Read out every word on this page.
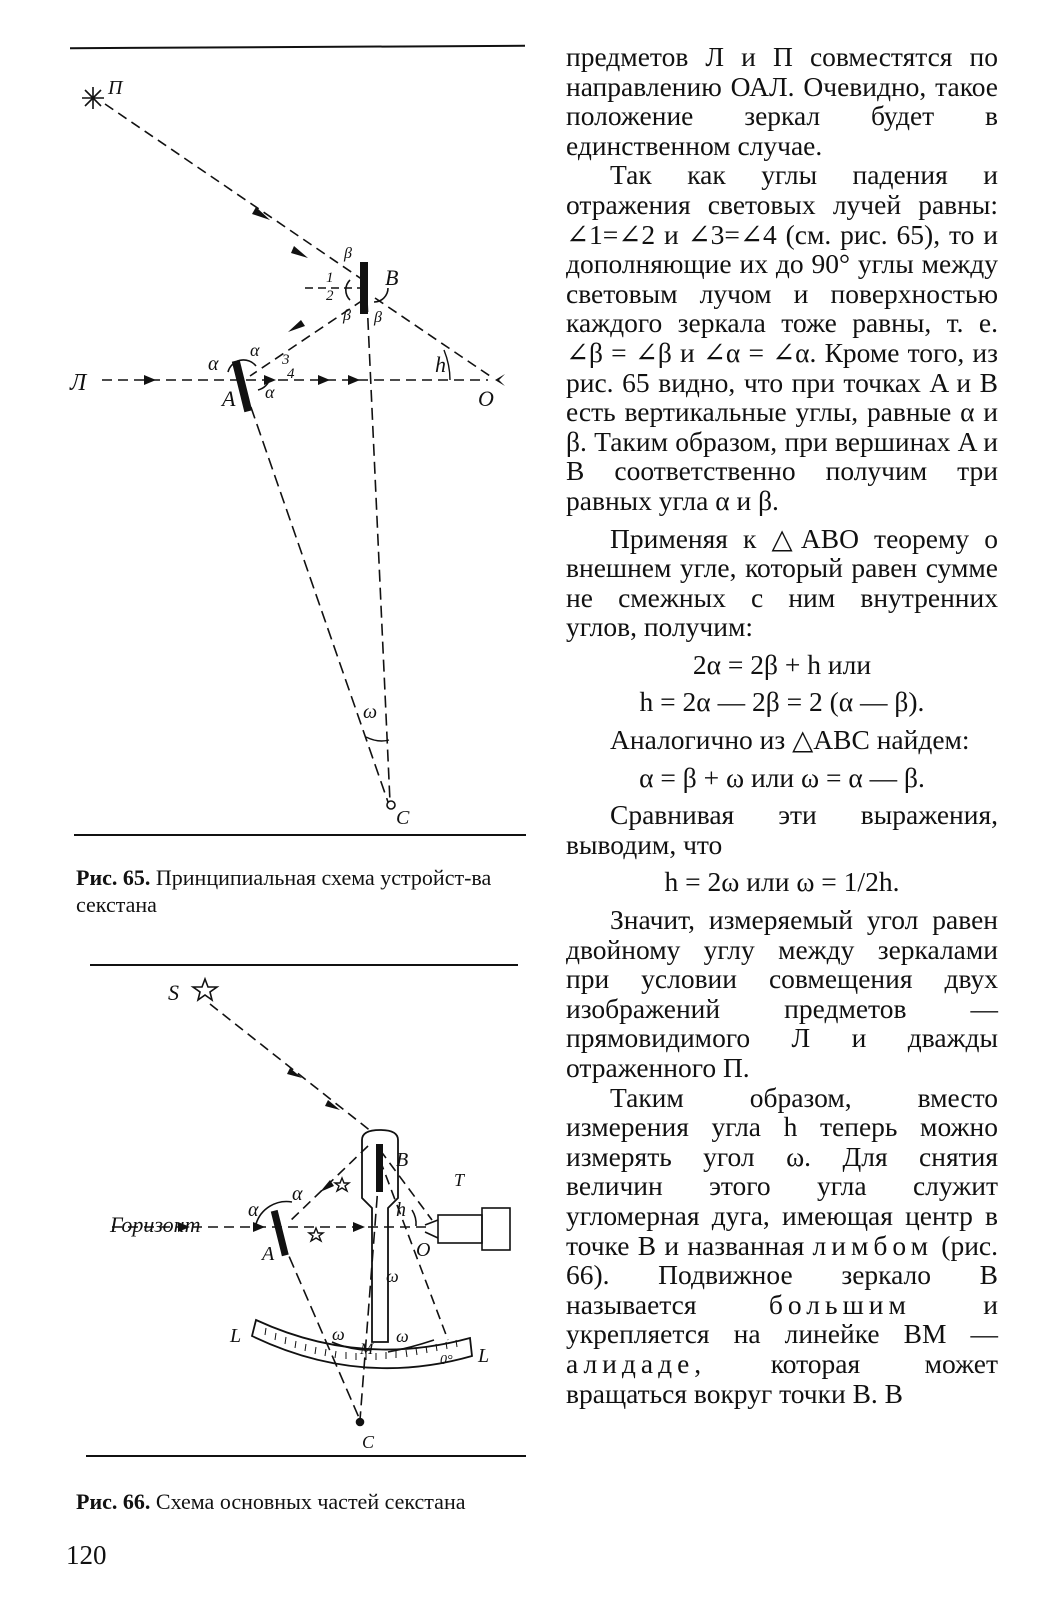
П
Л
A
B
O
C
h
ω
β
β β
1
2
3
4
α
α
α
Рис. 65. Принципиальная схема устройст-ва секстана
S
Горизонт
A
B
O
C
M
Т
L
L
0°
h
ω
ω	ω
α
α
Рис. 66. Схема основных частей секстана
120

предметов Л и П совместятся по направлению ОАЛ. Очевидно, такое положение зеркал будет в единственном случае.

Так как углы падения и отражения световых лучей равны: ∠1=∠2 и ∠3=∠4 (см. рис. 65), то и дополняющие их до 90° углы между световым лучом и поверхностью каждого зеркала тоже равны, т. е. ∠β = ∠β и ∠α = ∠α. Кроме того, из рис. 65 видно, что при точках A и B есть вертикальные углы, равные α и β. Таким образом, при вершинах A и B соответственно получим три равных угла α и β.

Применяя к △ABO теорему о внешнем угле, который равен сумме не смежных с ним внутренних углов, получим:

2α = 2β + h или
h = 2α — 2β = 2 (α — β).

Аналогично из △ABC найдем:

α = β + ω или ω = α — β.

Сравнивая эти выражения, выводим, что

h = 2ω или ω = 1/2h.

Значит, измеряемый угол равен двойному углу между зеркалами при условии совмещения двух изображений предметов — прямовидимого Л и дважды отраженного П.

Таким образом, вместо измерения угла h теперь можно измерять угол ω. Для снятия величин этого угла служит угломерная дуга, имеющая центр в точке B и названная лимбом (рис. 66). Подвижное зеркало B называется	большим	и укрепляется на линейке BM — алидаде, которая может вращаться вокруг точки B. В
